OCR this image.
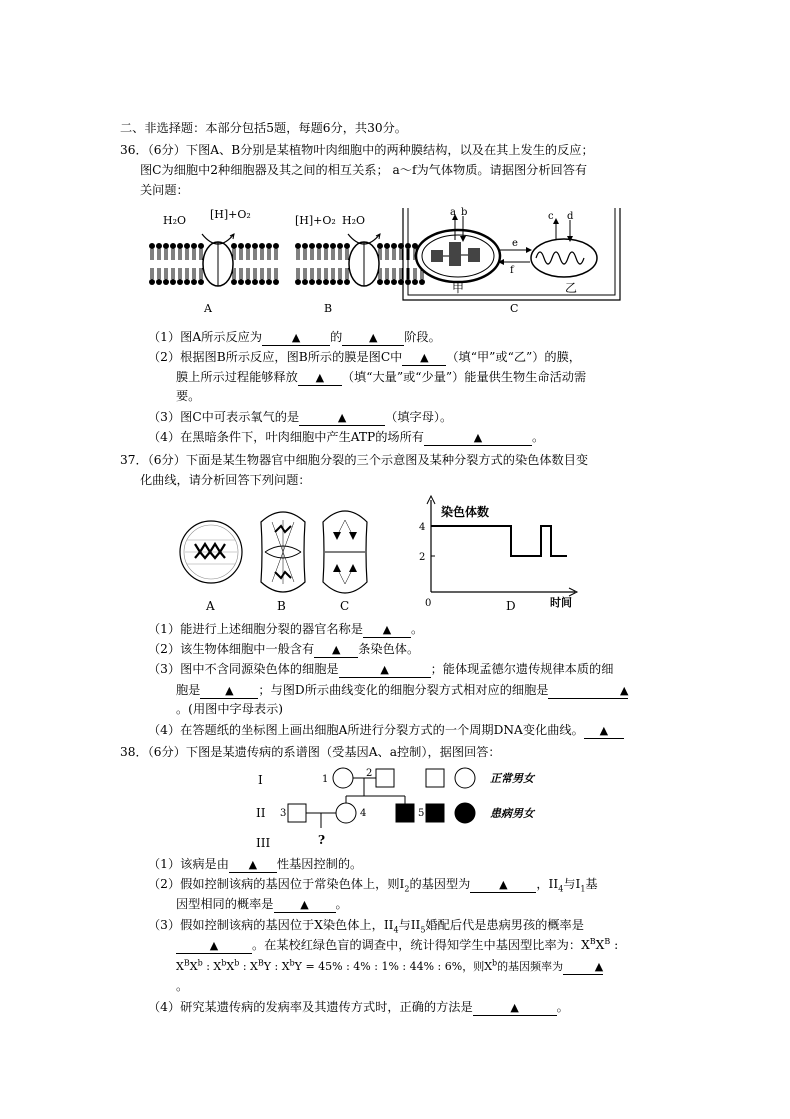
二、非选择题：本部分包括5题，每题6分，共30分。
36．（6分）下图A、B分别是某植物叶肉细胞中的两种膜结构，以及在其上发生的反应；
图C为细胞中2种细胞器及其之间的相互关系； a～f为气体物质。请据图分析回答有
关问题：
H₂O [H]+O₂
A
[H]+O₂ H₂O
B
a b	c d
e
f
甲	乙
C
（1）图A所示反应为	▲ 的 ▲ 阶段。
（2）根据图B所示反应，图B所示的膜是图C中 ▲ （填“甲”或“乙”）的膜，
膜上所示过程能够释放 ▲ （填“大量”或“少量”）能量供生物生命活动需
要。
（3）图C中可表示氧气的是	▲	（填字母）。
（4）在黑暗条件下，叶肉细胞中产生ATP的场所有	▲	。
37．（6分）下面是某生物器官中细胞分裂的三个示意图及某种分裂方式的染色体数目变
化曲线，请分析回答下列问题：
A	B	C
染色体数
4
2
0	D	时间
（1）能进行上述细胞分裂的器官名称是 ▲ 。
（2）该生物体细胞中一般含有 ▲ 条染色体。
（3）图中不含同源染色体的细胞是	▲	；能体现孟德尔遗传规律本质的细
胞是 ▲ ；与图D所示曲线变化的细胞分裂方式相对应的细胞是	▲
。(用图中字母表示)
（4）在答题纸的坐标图上画出细胞A所进行分裂方式的一个周期DNA变化曲线。 ▲
38．（6分）下图是某遗传病的系谱图（受基因A、a控制），据图回答：
I
II
III
1
2	正常男女
3	4	5
?
患病男女
（1）该病是由 ▲ 性基因控制的。
（2）假如控制该病的基因位于常染色体上，则$I_2$的基因型为	▲ ，$II_4$与$I_1$基
因型相同的概率是 ▲ 。
（3）假如控制该病的基因位于X染色体上，$II_4$与$II_5$婚配后代是患病男孩的概率是
▲	。在某校红绿色盲的调查中，统计得知学生中基因型比率为：$X^BX^B$ :
$X^BX^b$ : $X^bX^b$ : $X^BY$ : $X^bY = 45\%$ : 4% : 1% : 44% : 6%，则$X^b$的基因频率为	▲
。
（4）研究某遗传病的发病率及其遗传方式时，正确的方法是	▲	。
